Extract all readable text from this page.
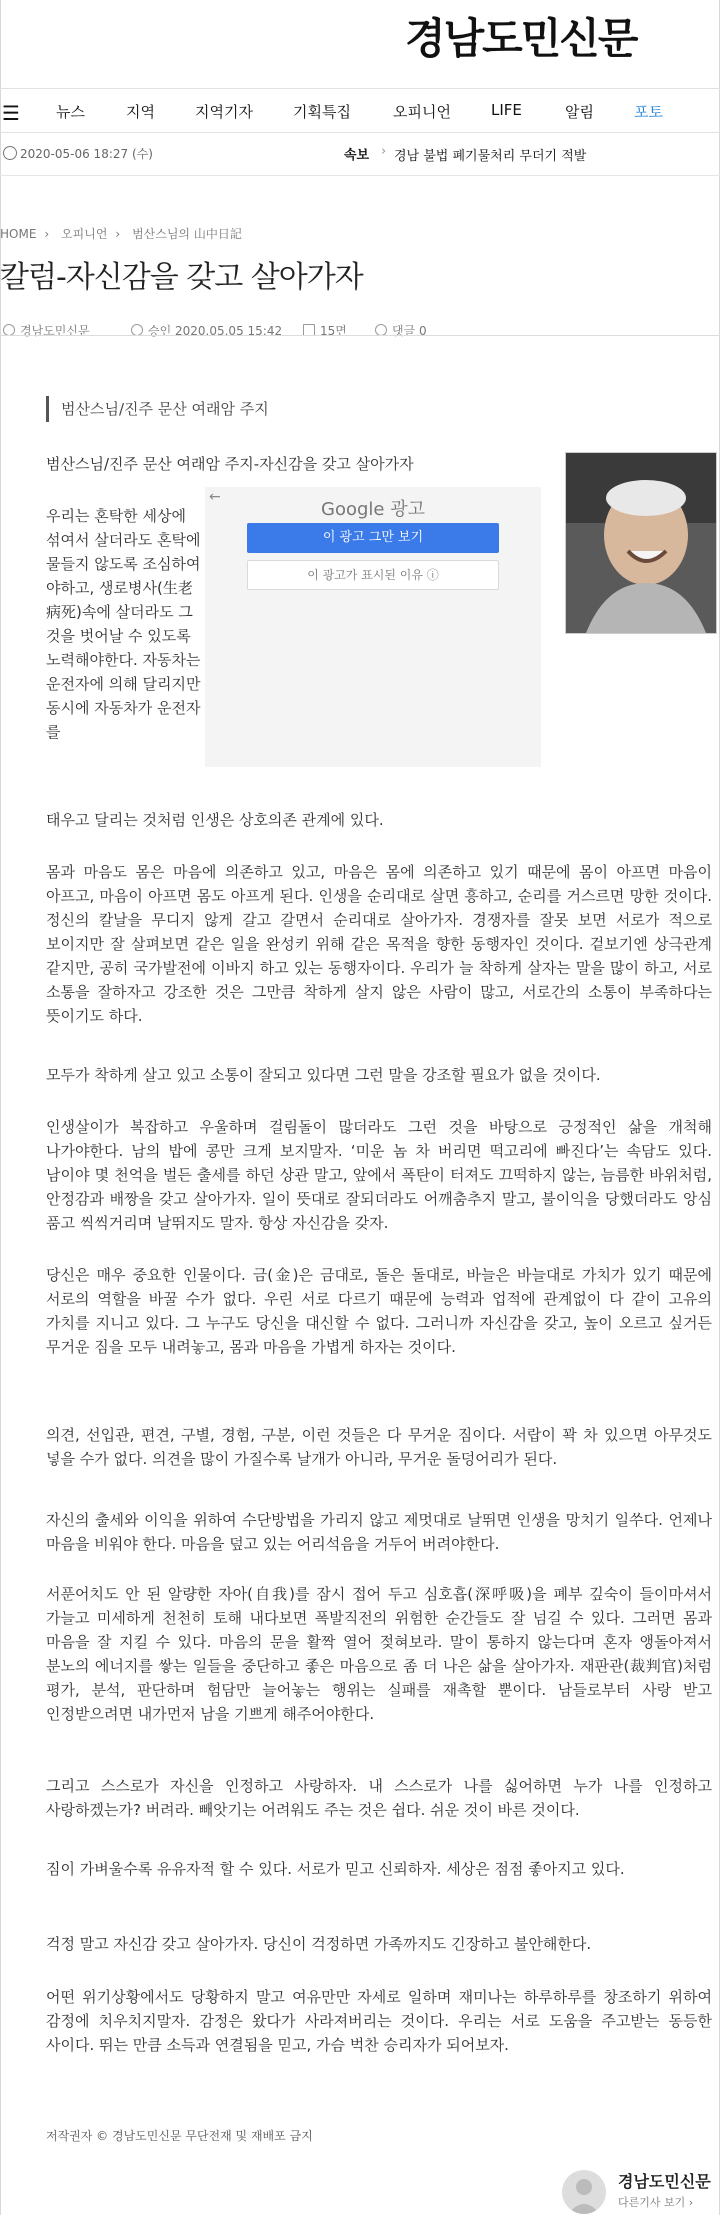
경남도민신문
☰ 뉴스	지역	지역기자	기획특집	오피니언	LIFE	알림	포토
2020-05-06 18:27 (수)	속보 › 경남 불법 폐기물처리 무더기 적발
HOME › 오피니언 › 범산스님의 山中日記
칼럼-자신감을 갖고 살아가자
경남도민신문	승인 2020.05.05 15:42	15면	댓글 0
범산스님/진주 문산 여래암 주지

범산스님/진주 문산 여래암 주지-자신감을 갖고 살아가자

우리는 혼탁한 세상에 섞여서 살더라도 혼탁에 물들지 않도록 조심하여야하고, 생로병사(生老病死)속에 살더라도 그것을 벗어날 수 있도록 노력해야한다. 자동차는 운전자에 의해 달리지만 동시에 자동차가 운전자를
←
Google 광고
이 광고 그만 보기
이 광고가 표시된 이유 ⓘ

태우고 달리는 것처럼 인생은 상호의존 관계에 있다.

몸과 마음도 몸은 마음에 의존하고 있고, 마음은 몸에 의존하고 있기 때문에 몸이 아프면 마음이 아프고, 마음이 아프면 몸도 아프게 된다. 인생을 순리대로 살면 흥하고, 순리를 거스르면 망한 것이다. 정신의 칼날을 무디지 않게 갈고 갈면서 순리대로 살아가자. 경쟁자를 잘못 보면 서로가 적으로 보이지만 잘 살펴보면 같은 일을 완성키 위해 같은 목적을 향한 동행자인 것이다. 겉보기엔 상극관계 같지만, 공히 국가발전에 이바지 하고 있는 동행자이다. 우리가 늘 착하게 살자는 말을 많이 하고, 서로 소통을 잘하자고 강조한 것은 그만큼 착하게 살지 않은 사람이 많고, 서로간의 소통이 부족하다는 뜻이기도 하다.

모두가 착하게 살고 있고 소통이 잘되고 있다면 그런 말을 강조할 필요가 없을 것이다.

인생살이가 복잡하고 우울하며 걸림돌이 많더라도 그런 것을 바탕으로 긍정적인 삶을 개척해 나가야한다. 남의 밥에 콩만 크게 보지말자. ‘미운 놈 차 버리면 떡고리에 빠진다’는 속담도 있다. 남이야 몇 천억을 벌든 출세를 하던 상관 말고, 앞에서 폭탄이 터져도 끄떡하지 않는, 늠름한 바위처럼, 안정감과 배짱을 갖고 살아가자. 일이 뜻대로 잘되더라도 어깨춤추지 말고, 불이익을 당했더라도 앙심 품고 씩씩거리며 날뛰지도 말자. 항상 자신감을 갖자.

당신은 매우 중요한 인물이다. 금(金)은 금대로, 돌은 돌대로, 바늘은 바늘대로 가치가 있기 때문에 서로의 역할을 바꿀 수가 없다. 우린 서로 다르기 때문에 능력과 업적에 관계없이 다 같이 고유의 가치를 지니고 있다. 그 누구도 당신을 대신할 수 없다. 그러니까 자신감을 갖고, 높이 오르고 싶거든 무거운 짐을 모두 내려놓고, 몸과 마음을 가볍게 하자는 것이다.

의견, 선입관, 편견, 구별, 경험, 구분, 이런 것들은 다 무거운 짐이다. 서랍이 꽉 차 있으면 아무것도 넣을 수가 없다. 의견을 많이 가질수록 날개가 아니라, 무거운 돌덩어리가 된다.

자신의 출세와 이익을 위하여 수단방법을 가리지 않고 제멋대로 날뛰면 인생을 망치기 일쑤다. 언제나 마음을 비워야 한다. 마음을 덮고 있는 어리석음을 거두어 버려야한다.

서푼어치도 안 된 알량한 자아(自我)를 잠시 접어 두고 심호흡(深呼吸)을 폐부 깊숙이 들이마셔서 가늘고 미세하게 천천히 토해 내다보면 폭발직전의 위험한 순간들도 잘 넘길 수 있다. 그러면 몸과 마음을 잘 지킬 수 있다. 마음의 문을 활짝 열어 젖혀보라. 말이 통하지 않는다며 혼자 앵돌아져서 분노의 에너지를 쌓는 일들을 중단하고 좋은 마음으로 좀 더 나은 삶을 살아가자. 재판관(裁判官)처럼 평가, 분석, 판단하며 험담만 늘어놓는 행위는 실패를 재촉할 뿐이다. 남들로부터 사랑 받고 인정받으려면 내가먼저 남을 기쁘게 해주어야한다.

그리고 스스로가 자신을 인정하고 사랑하자. 내 스스로가 나를 싫어하면 누가 나를 인정하고 사랑하겠는가? 버려라. 빼앗기는 어려워도 주는 것은 쉽다. 쉬운 것이 바른 것이다.

짐이 가벼울수록 유유자적 할 수 있다. 서로가 믿고 신뢰하자. 세상은 점점 좋아지고 있다.

걱정 말고 자신감 갖고 살아가자. 당신이 걱정하면 가족까지도 긴장하고 불안해한다.

어떤 위기상황에서도 당황하지 말고 여유만만 자세로 일하며 재미나는 하루하루를 창조하기 위하여 감정에 치우치지말자. 감정은 왔다가 사라져버리는 것이다. 우리는 서로 도움을 주고받는 동등한 사이다. 뛰는 만큼 소득과 연결됨을 믿고, 가슴 벅찬 승리자가 되어보자.

저작권자 © 경남도민신문 무단전재 및 재배포 금지
경남도민신문
다른기사 보기 ›
